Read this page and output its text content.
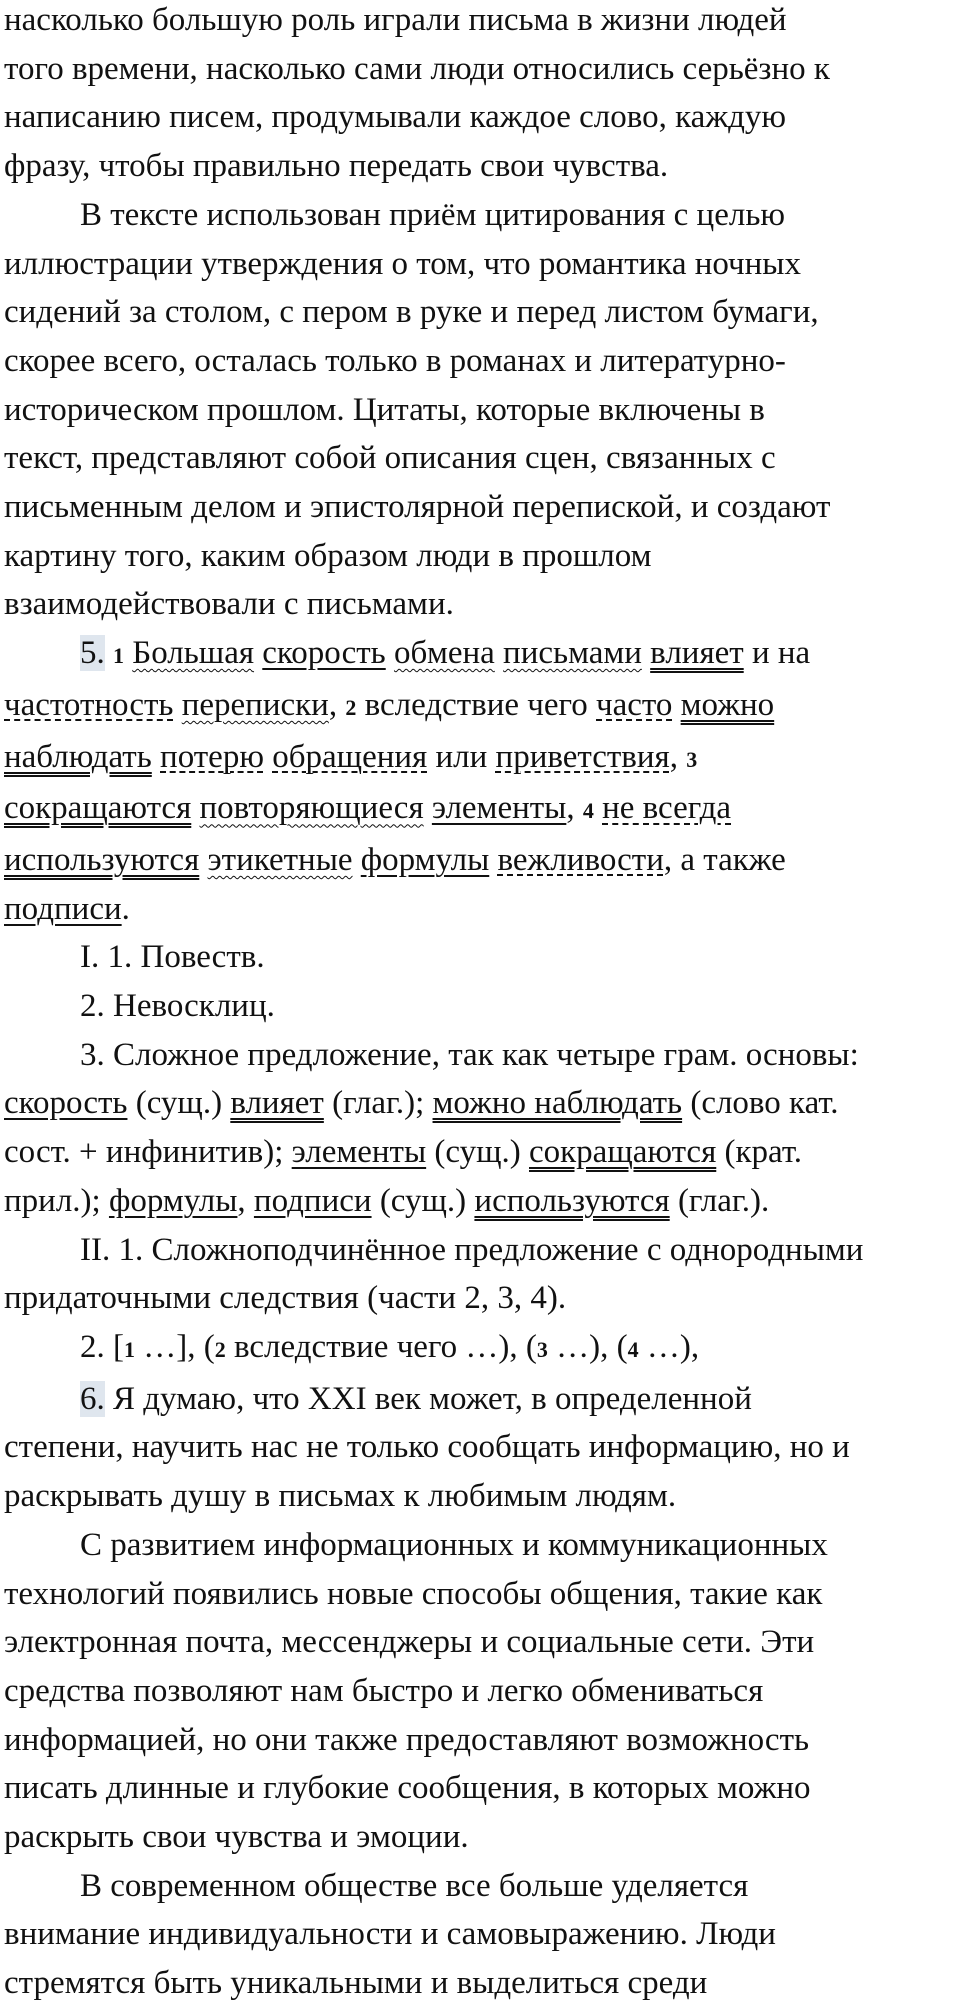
насколько большую роль играли письма в жизни людей
того времени, насколько сами люди относились серьёзно к
написанию писем, продумывали каждое слово, каждую
фразу, чтобы правильно передать свои чувства.
В тексте использован приём цитирования с целью
иллюстрации утверждения о том, что романтика ночных
сидений за столом, с пером в руке и перед листом бумаги,
скорее всего, осталась только в романах и литературно-
историческом прошлом. Цитаты, которые включены в
текст, представляют собой описания сцен, связанных с
письменным делом и эпистолярной перепиской, и создают
картину того, каким образом люди в прошлом
взаимодействовали с письмами.
5. 1 Большая скорость обмена письмами влияет и на
частотность переписки, 2 вследствие чего часто можно
наблюдать потерю обращения или приветствия, 3
сокращаются повторяющиеся элементы, 4 не всегда
используются этикетные формулы вежливости, а также
подписи.
I. 1. Повеств.
2. Невосклиц.
3. Сложное предложение, так как четыре грам. основы:
скорость (сущ.) влияет (глаг.); можно наблюдать (слово кат.
сост. + инфинитив); элементы (сущ.) сокращаются (крат.
прил.); формулы, подписи (сущ.) используются (глаг.).
II. 1. Сложноподчинённое предложение с однородными
придаточными следствия (части 2, 3, 4).
2. [1 …], (2 вследствие чего …), (3 …), (4 …),
6. Я думаю, что XXI век может, в определенной
степени, научить нас не только сообщать информацию, но и
раскрывать душу в письмах к любимым людям.
С развитием информационных и коммуникационных
технологий появились новые способы общения, такие как
электронная почта, мессенджеры и социальные сети. Эти
средства позволяют нам быстро и легко обмениваться
информацией, но они также предоставляют возможность
писать длинные и глубокие сообщения, в которых можно
раскрыть свои чувства и эмоции.
В современном обществе все больше уделяется
внимание индивидуальности и самовыражению. Люди
стремятся быть уникальными и выделиться среди
